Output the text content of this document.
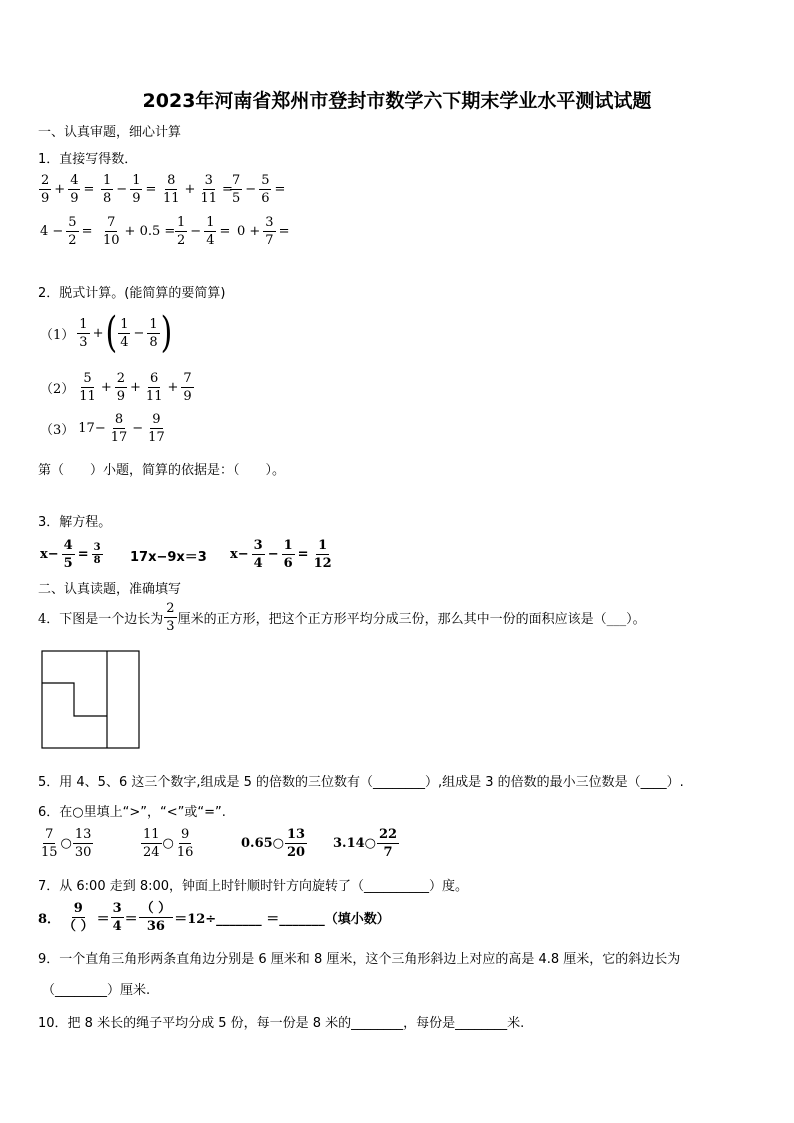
2023年河南省郑州市登封市数学六下期末学业水平测试试题
一、认真审题，细心计算
1．直接写得数．
$\frac{2}{9} + \frac{4}{9} = \frac{1}{8} - \frac{1}{9} = \frac{8}{11} + \frac{3}{11}$ =
$\frac{7}{5} - \frac{5}{6}$ =
$4 - \frac{5}{2} = \frac{7}{10} + 0.5 = \frac{1}{2} - \frac{1}{4} = 0 + \frac{3}{7}$ =
2．脱式计算。(能简算的要简算)
$(1) \frac{1}{3}$ + ( $\frac{1}{4} - \frac{1}{8}$ )
$(2) \frac{5}{11} + \frac{2}{9} + \frac{6}{11} + \frac{7}{9}$
（3） $17- \frac{8}{17} - \frac{9}{17}$
第（　　）小题，简算的依据是：（　　）。
3．解方程。
$x- \frac{4}{5} = \frac{3}{8} 17x-9x=3$ $x- \frac{3}{4} - \frac{1}{6} = \frac{1}{12}$
二、认真读题，准确填写
4．下图是一个边长为 $\frac{2}{3}$ 厘米的正方形，把这个正方形平均分成三份，那么其中一份的面积应该是（___）。
5．用 4、5、6 这三个数字,组成是 5 的倍数的三位数有（________）,组成是 3 的倍数的最小三位数是（____）.
6．在○里填上“>”，“<”或“=”.
$\frac{7}{15}$ ○ $\frac{13}{30}$	$\frac{11}{24}$ ○ $\frac{9}{16}$	0.65○ $\frac{13}{20}$ 3.14○ $\frac{22}{7}$
7．从 6:00 走到 8:00，钟面上时针顺时针方向旋转了（__________）度。
8． $\frac{9}{( )} = \frac{3}{4} = \frac{( )}{36}$ ＝12÷_______ ＝_______（填小数）
9．一个直角三角形两条直角边分别是 6 厘米和 8 厘米，这个三角形斜边上对应的高是 4.8 厘米，它的斜边长为
（________）厘米.
10．把 8 米长的绳子平均分成 5 份，每一份是 8 米的________，每份是________米.
